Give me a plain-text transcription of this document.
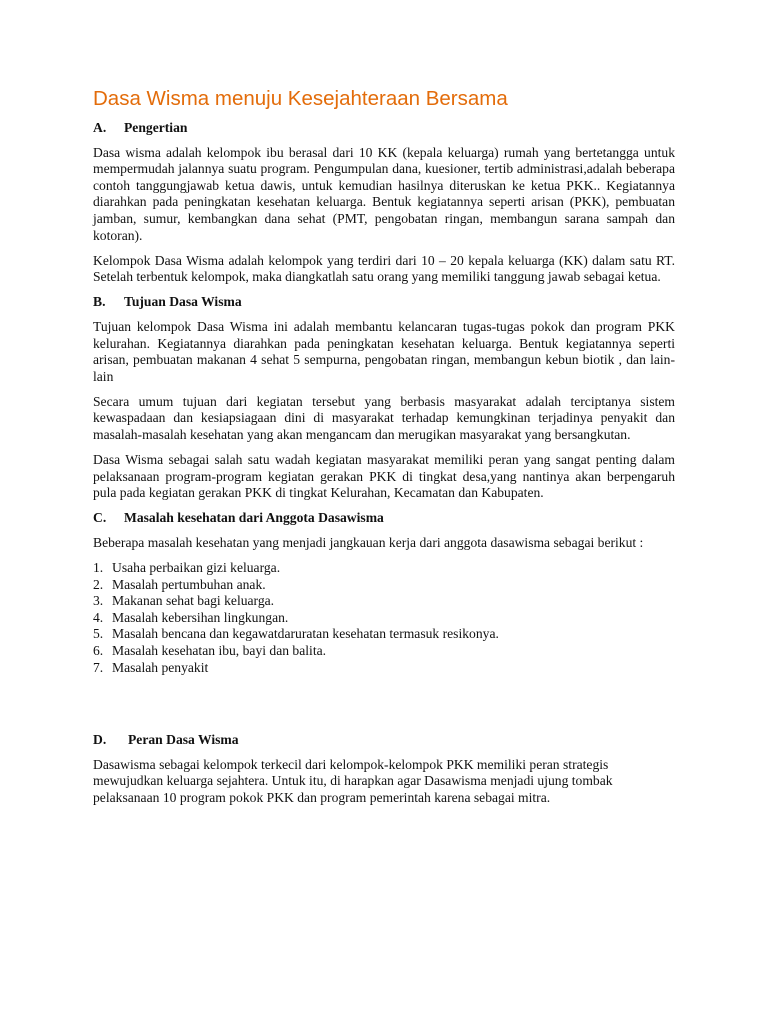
Dasa Wisma menuju Kesejahteraan Bersama
A.	Pengertian

Dasa wisma adalah kelompok ibu berasal dari 10 KK (kepala keluarga) rumah yang bertetangga untuk mempermudah jalannya suatu program. Pengumpulan dana, kuesioner, tertib administrasi,adalah beberapa contoh tanggungjawab ketua dawis, untuk kemudian hasilnya diteruskan ke ketua PKK.. Kegiatannya diarahkan pada peningkatan kesehatan keluarga. Bentuk kegiatannya seperti arisan (PKK), pembuatan jamban, sumur, kembangkan dana sehat (PMT, pengobatan ringan, membangun sarana sampah dan kotoran).

Kelompok Dasa Wisma adalah kelompok yang terdiri dari 10 – 20 kepala keluarga (KK) dalam satu RT. Setelah terbentuk kelompok, maka diangkatlah satu orang yang memiliki tanggung jawab sebagai ketua.

B.	Tujuan Dasa Wisma

Tujuan kelompok Dasa Wisma ini adalah membantu kelancaran tugas-tugas pokok dan program PKK kelurahan. Kegiatannya diarahkan pada peningkatan kesehatan keluarga. Bentuk kegiatannya seperti arisan, pembuatan makanan 4 sehat 5 sempurna, pengobatan ringan, membangun kebun biotik , dan lain-lain

Secara umum tujuan dari kegiatan tersebut yang berbasis masyarakat adalah terciptanya sistem kewaspadaan dan kesiapsiagaan dini di masyarakat terhadap kemungkinan terjadinya penyakit dan masalah-masalah kesehatan yang akan mengancam dan merugikan masyarakat yang bersangkutan.

Dasa Wisma sebagai salah satu wadah kegiatan masyarakat memiliki peran yang sangat penting dalam pelaksanaan program-program kegiatan gerakan PKK di tingkat desa,yang nantinya akan berpengaruh pula pada kegiatan gerakan PKK di tingkat Kelurahan, Kecamatan dan Kabupaten.

C.	Masalah kesehatan dari Anggota Dasawisma

Beberapa masalah kesehatan yang menjadi jangkauan kerja dari anggota dasawisma sebagai berikut :

1. Usaha perbaikan gizi keluarga.
2. Masalah pertumbuhan anak.
3. Makanan sehat bagi keluarga.
4. Masalah kebersihan lingkungan.
5. Masalah bencana dan kegawatdaruratan kesehatan termasuk resikonya.
6. Masalah kesehatan ibu, bayi dan balita.
7. Masalah penyakit
D.	Peran Dasa Wisma

Dasawisma sebagai kelompok terkecil dari kelompok-kelompok PKK memiliki peran strategis mewujudkan keluarga sejahtera. Untuk itu, di harapkan agar Dasawisma menjadi ujung tombak pelaksanaan 10 program pokok PKK dan program pemerintah karena sebagai mitra.
